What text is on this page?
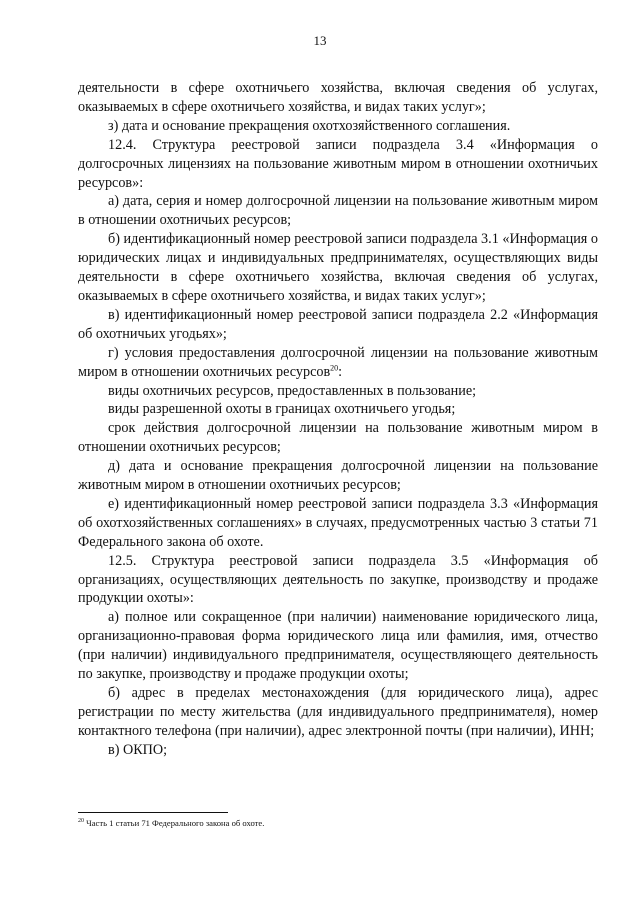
13

деятельности в сфере охотничьего хозяйства, включая сведения об услугах, оказываемых в сфере охотничьего хозяйства, и видах таких услуг»;

з) дата и основание прекращения охотхозяйственного соглашения.

12.4. Структура реестровой записи подраздела 3.4 «Информация о долгосрочных лицензиях на пользование животным миром в отношении охотничьих ресурсов»:

а) дата, серия и номер долгосрочной лицензии на пользование животным миром в отношении охотничьих ресурсов;

б) идентификационный номер реестровой записи подраздела 3.1 «Информация о юридических лицах и индивидуальных предпринимателях, осуществляющих виды деятельности в сфере охотничьего хозяйства, включая сведения об услугах, оказываемых в сфере охотничьего хозяйства, и видах таких услуг»;

в) идентификационный номер реестровой записи подраздела 2.2 «Информация об охотничьих угодьях»;

г) условия предоставления долгосрочной лицензии на пользование животным миром в отношении охотничьих ресурсов$^{20}$:

виды охотничьих ресурсов, предоставленных в пользование;

виды разрешенной охоты в границах охотничьего угодья;

срок действия долгосрочной лицензии на пользование животным миром в отношении охотничьих ресурсов;

д) дата и основание прекращения долгосрочной лицензии на пользование животным миром в отношении охотничьих ресурсов;

е) идентификационный номер реестровой записи подраздела 3.3 «Информация об охотхозяйственных соглашениях» в случаях, предусмотренных частью 3 статьи 71 Федерального закона об охоте.

12.5. Структура реестровой записи подраздела 3.5 «Информация об организациях, осуществляющих деятельность по закупке, производству и продаже продукции охоты»:

а) полное или сокращенное (при наличии) наименование юридического лица, организационно-правовая форма юридического лица или фамилия, имя, отчество (при наличии) индивидуального предпринимателя, осуществляющего деятельность по закупке, производству и продаже продукции охоты;

б) адрес в пределах местонахождения (для юридического лица), адрес регистрации по месту жительства (для индивидуального предпринимателя), номер контактного телефона (при наличии), адрес электронной почты (при наличии), ИНН;

в) ОКПО;

$^{20}$ Часть 1 статьи 71 Федерального закона об охоте.
